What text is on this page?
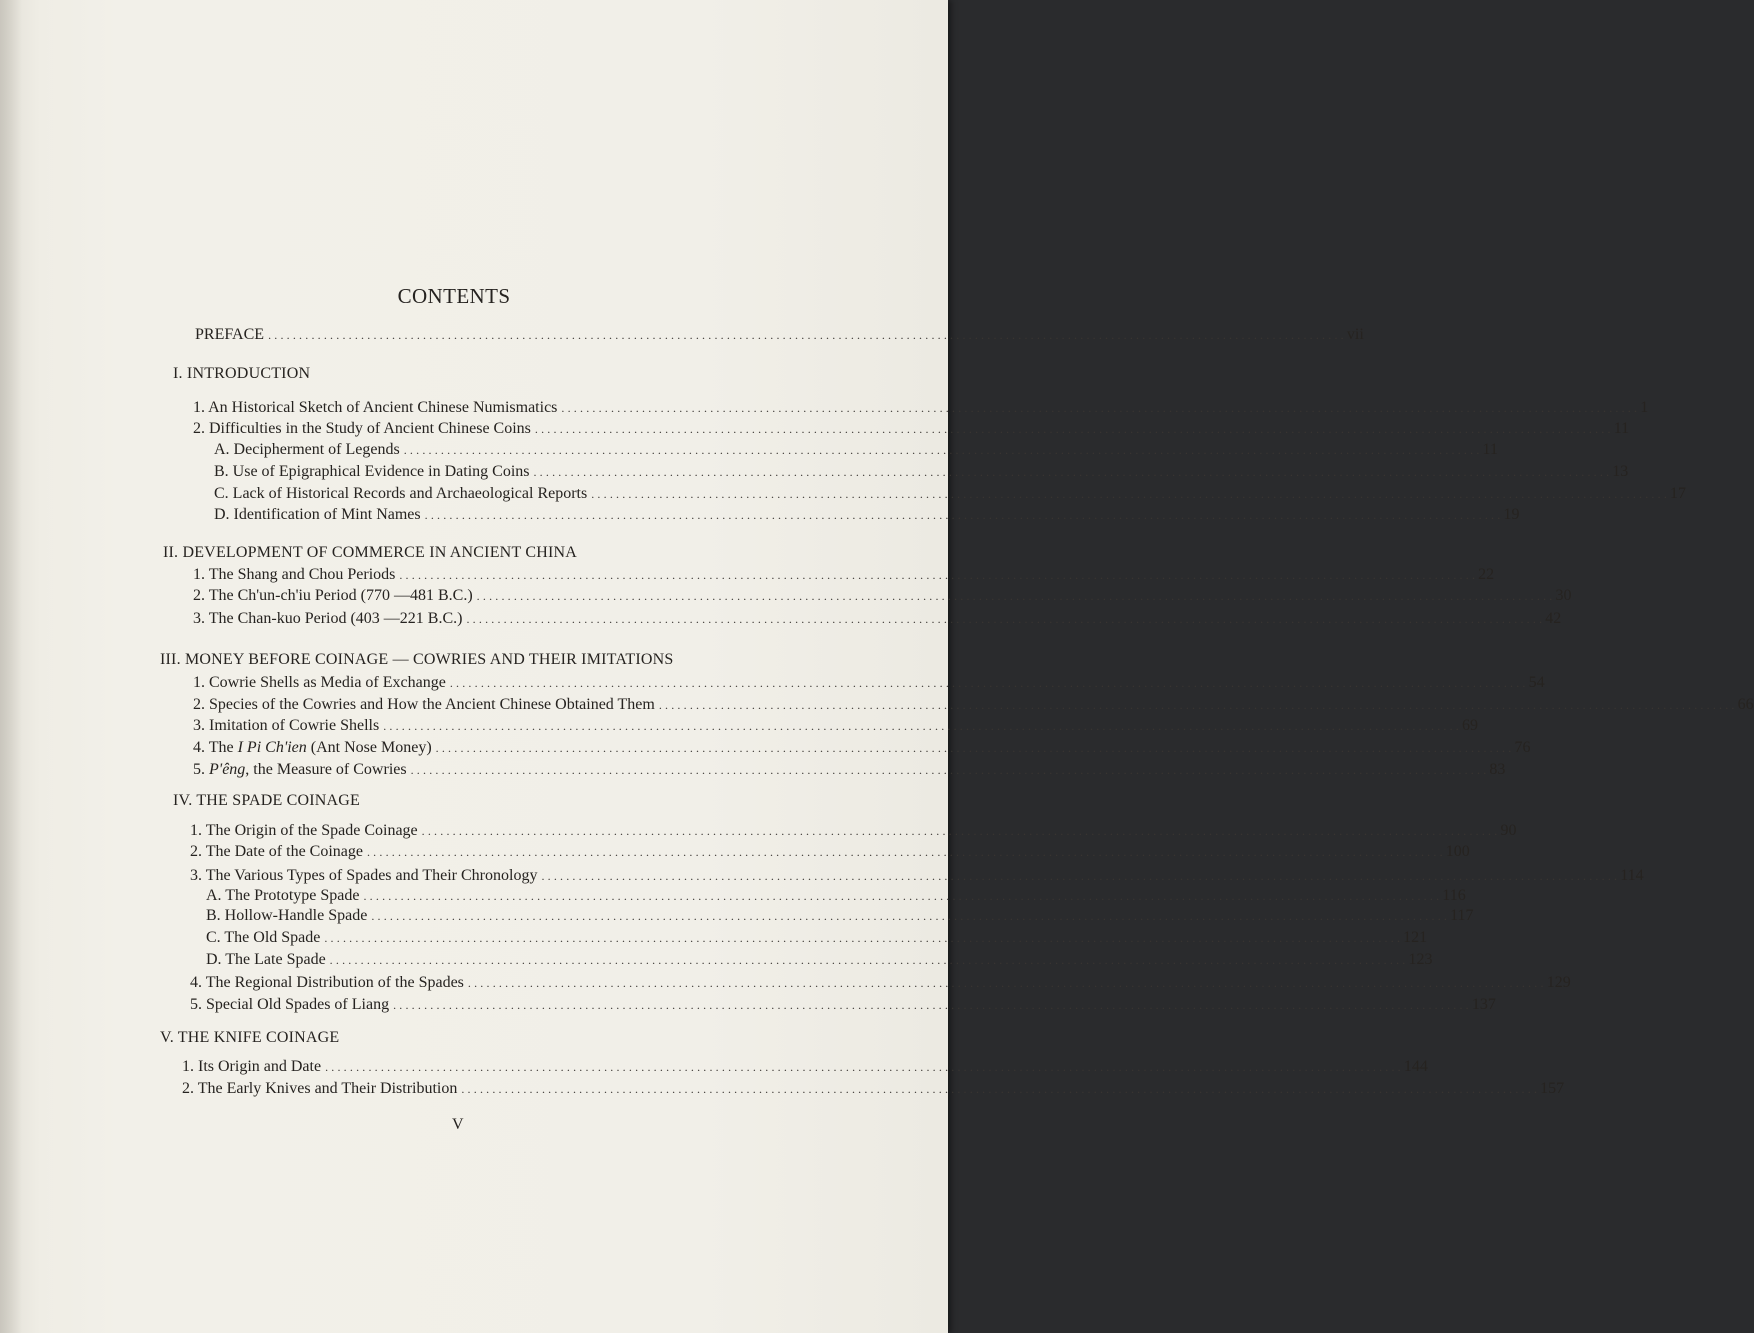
CONTENTS
PREFACE .............................................................................................................................................................................. vii
I. INTRODUCTION
1. An Historical Sketch of Ancient Chinese Numismatics .............................................................................................................................................................................. 1
2. Difficulties in the Study of Ancient Chinese Coins .............................................................................................................................................................................. 11
A. Decipherment of Legends .............................................................................................................................................................................. 11
B. Use of Epigraphical Evidence in Dating Coins .............................................................................................................................................................................. 13
C. Lack of Historical Records and Archaeological Reports .............................................................................................................................................................................. 17
D. Identification of Mint Names .............................................................................................................................................................................. 19
II. DEVELOPMENT OF COMMERCE IN ANCIENT CHINA
1. The Shang and Chou Periods .............................................................................................................................................................................. 22
2. The Ch'un-ch'iu Period (770 —481 B.C.) .............................................................................................................................................................................. 30
3. The Chan-kuo Period (403 —221 B.C.) .............................................................................................................................................................................. 42
III. MONEY BEFORE COINAGE — COWRIES AND THEIR IMITATIONS
1. Cowrie Shells as Media of Exchange .............................................................................................................................................................................. 54
2. Species of the Cowries and How the Ancient Chinese Obtained Them .............................................................................................................................................................................. 66
3. Imitation of Cowrie Shells .............................................................................................................................................................................. 69
4. The I Pi Ch'ien (Ant Nose Money) .............................................................................................................................................................................. 76
5. P'êng, the Measure of Cowries .............................................................................................................................................................................. 83
IV. THE SPADE COINAGE
1. The Origin of the Spade Coinage .............................................................................................................................................................................. 90
2. The Date of the Coinage .............................................................................................................................................................................. 100
3. The Various Types of Spades and Their Chronology .............................................................................................................................................................................. 114
A. The Prototype Spade .............................................................................................................................................................................. 116
B. Hollow-Handle Spade .............................................................................................................................................................................. 117
C. The Old Spade .............................................................................................................................................................................. 121
D. The Late Spade .............................................................................................................................................................................. 123
4. The Regional Distribution of the Spades .............................................................................................................................................................................. 129
5. Special Old Spades of Liang .............................................................................................................................................................................. 137
V. THE KNIFE COINAGE
1. Its Origin and Date .............................................................................................................................................................................. 144
2. The Early Knives and Their Distribution .............................................................................................................................................................................. 157
V
